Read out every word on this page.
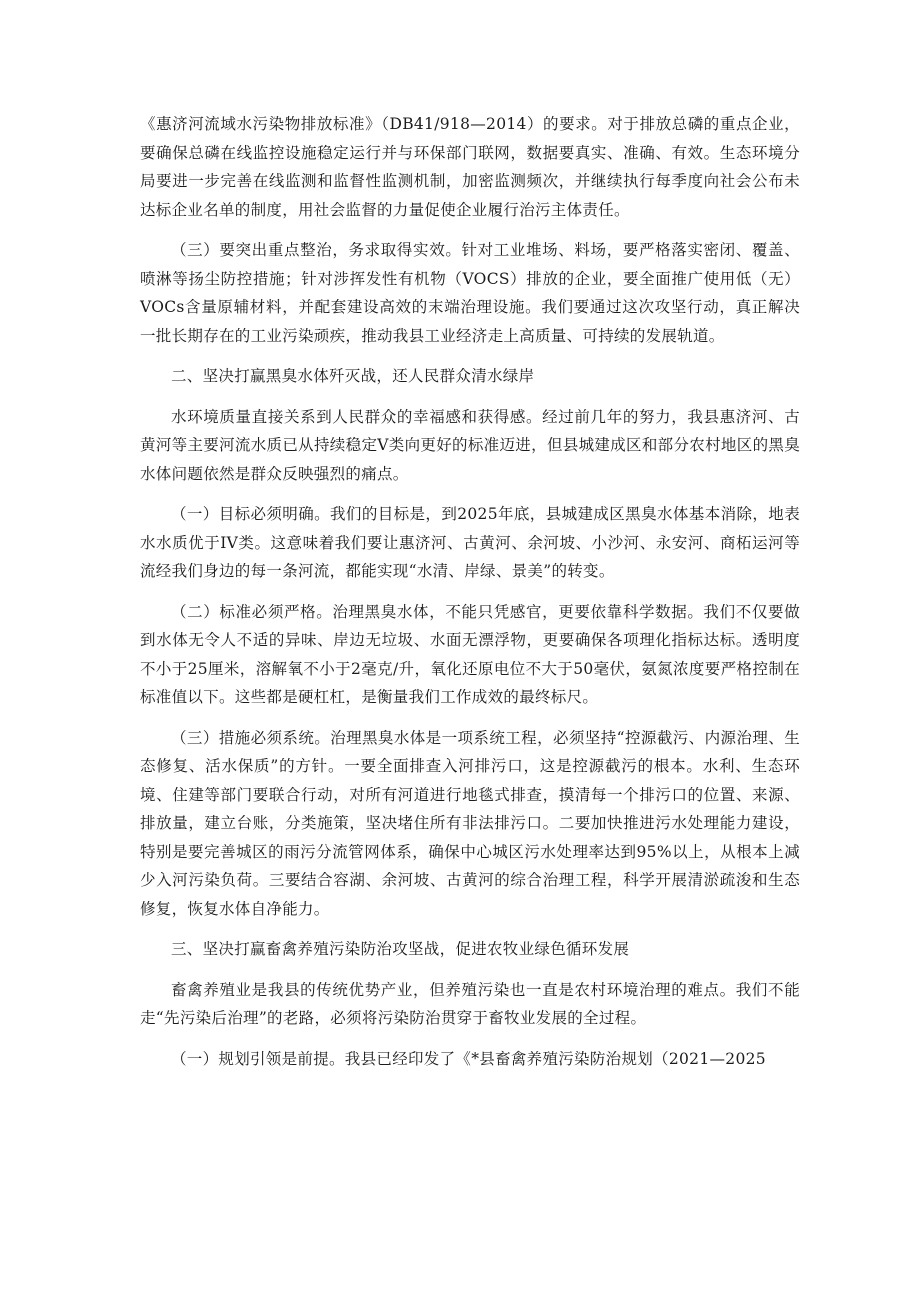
《惠济河流域水污染物排放标准》（DB41/918—2014）的要求。对于排放总磷的重点企业，要确保总磷在线监控设施稳定运行并与环保部门联网，数据要真实、准确、有效。生态环境分局要进一步完善在线监测和监督性监测机制，加密监测频次，并继续执行每季度向社会公布未达标企业名单的制度，用社会监督的力量促使企业履行治污主体责任。

（三）要突出重点整治，务求取得实效。针对工业堆场、料场，要严格落实密闭、覆盖、喷淋等扬尘防控措施；针对涉挥发性有机物（VOCS）排放的企业，要全面推广使用低（无）VOCs含量原辅材料，并配套建设高效的末端治理设施。我们要通过这次攻坚行动，真正解决一批长期存在的工业污染顽疾，推动我县工业经济走上高质量、可持续的发展轨道。

二、坚决打赢黑臭水体歼灭战，还人民群众清水绿岸

水环境质量直接关系到人民群众的幸福感和获得感。经过前几年的努力，我县惠济河、古黄河等主要河流水质已从持续稳定V类向更好的标准迈进，但县城建成区和部分农村地区的黑臭水体问题依然是群众反映强烈的痛点。

（一）目标必须明确。我们的目标是，到2025年底，县城建成区黑臭水体基本消除，地表水水质优于IV类。这意味着我们要让惠济河、古黄河、余河坡、小沙河、永安河、商柘运河等流经我们身边的每一条河流，都能实现“水清、岸绿、景美”的转变。

（二）标准必须严格。治理黑臭水体，不能只凭感官，更要依靠科学数据。我们不仅要做到水体无令人不适的异味、岸边无垃圾、水面无漂浮物，更要确保各项理化指标达标。透明度不小于25厘米，溶解氧不小于2毫克/升，氧化还原电位不大于50毫伏，氨氮浓度要严格控制在标准值以下。这些都是硬杠杠，是衡量我们工作成效的最终标尺。

（三）措施必须系统。治理黑臭水体是一项系统工程，必须坚持“控源截污、内源治理、生态修复、活水保质”的方针。一要全面排查入河排污口，这是控源截污的根本。水利、生态环境、住建等部门要联合行动，对所有河道进行地毯式排查，摸清每一个排污口的位置、来源、排放量，建立台账，分类施策，坚决堵住所有非法排污口。二要加快推进污水处理能力建设，特别是要完善城区的雨污分流管网体系，确保中心城区污水处理率达到95%以上，从根本上减少入河污染负荷。三要结合容湖、余河坡、古黄河的综合治理工程，科学开展清淤疏浚和生态修复，恢复水体自净能力。

三、坚决打赢畜禽养殖污染防治攻坚战，促进农牧业绿色循环发展

畜禽养殖业是我县的传统优势产业，但养殖污染也一直是农村环境治理的难点。我们不能走“先污染后治理”的老路，必须将污染防治贯穿于畜牧业发展的全过程。

（一）规划引领是前提。我县已经印发了《*县畜禽养殖污染防治规划（2021—2025
